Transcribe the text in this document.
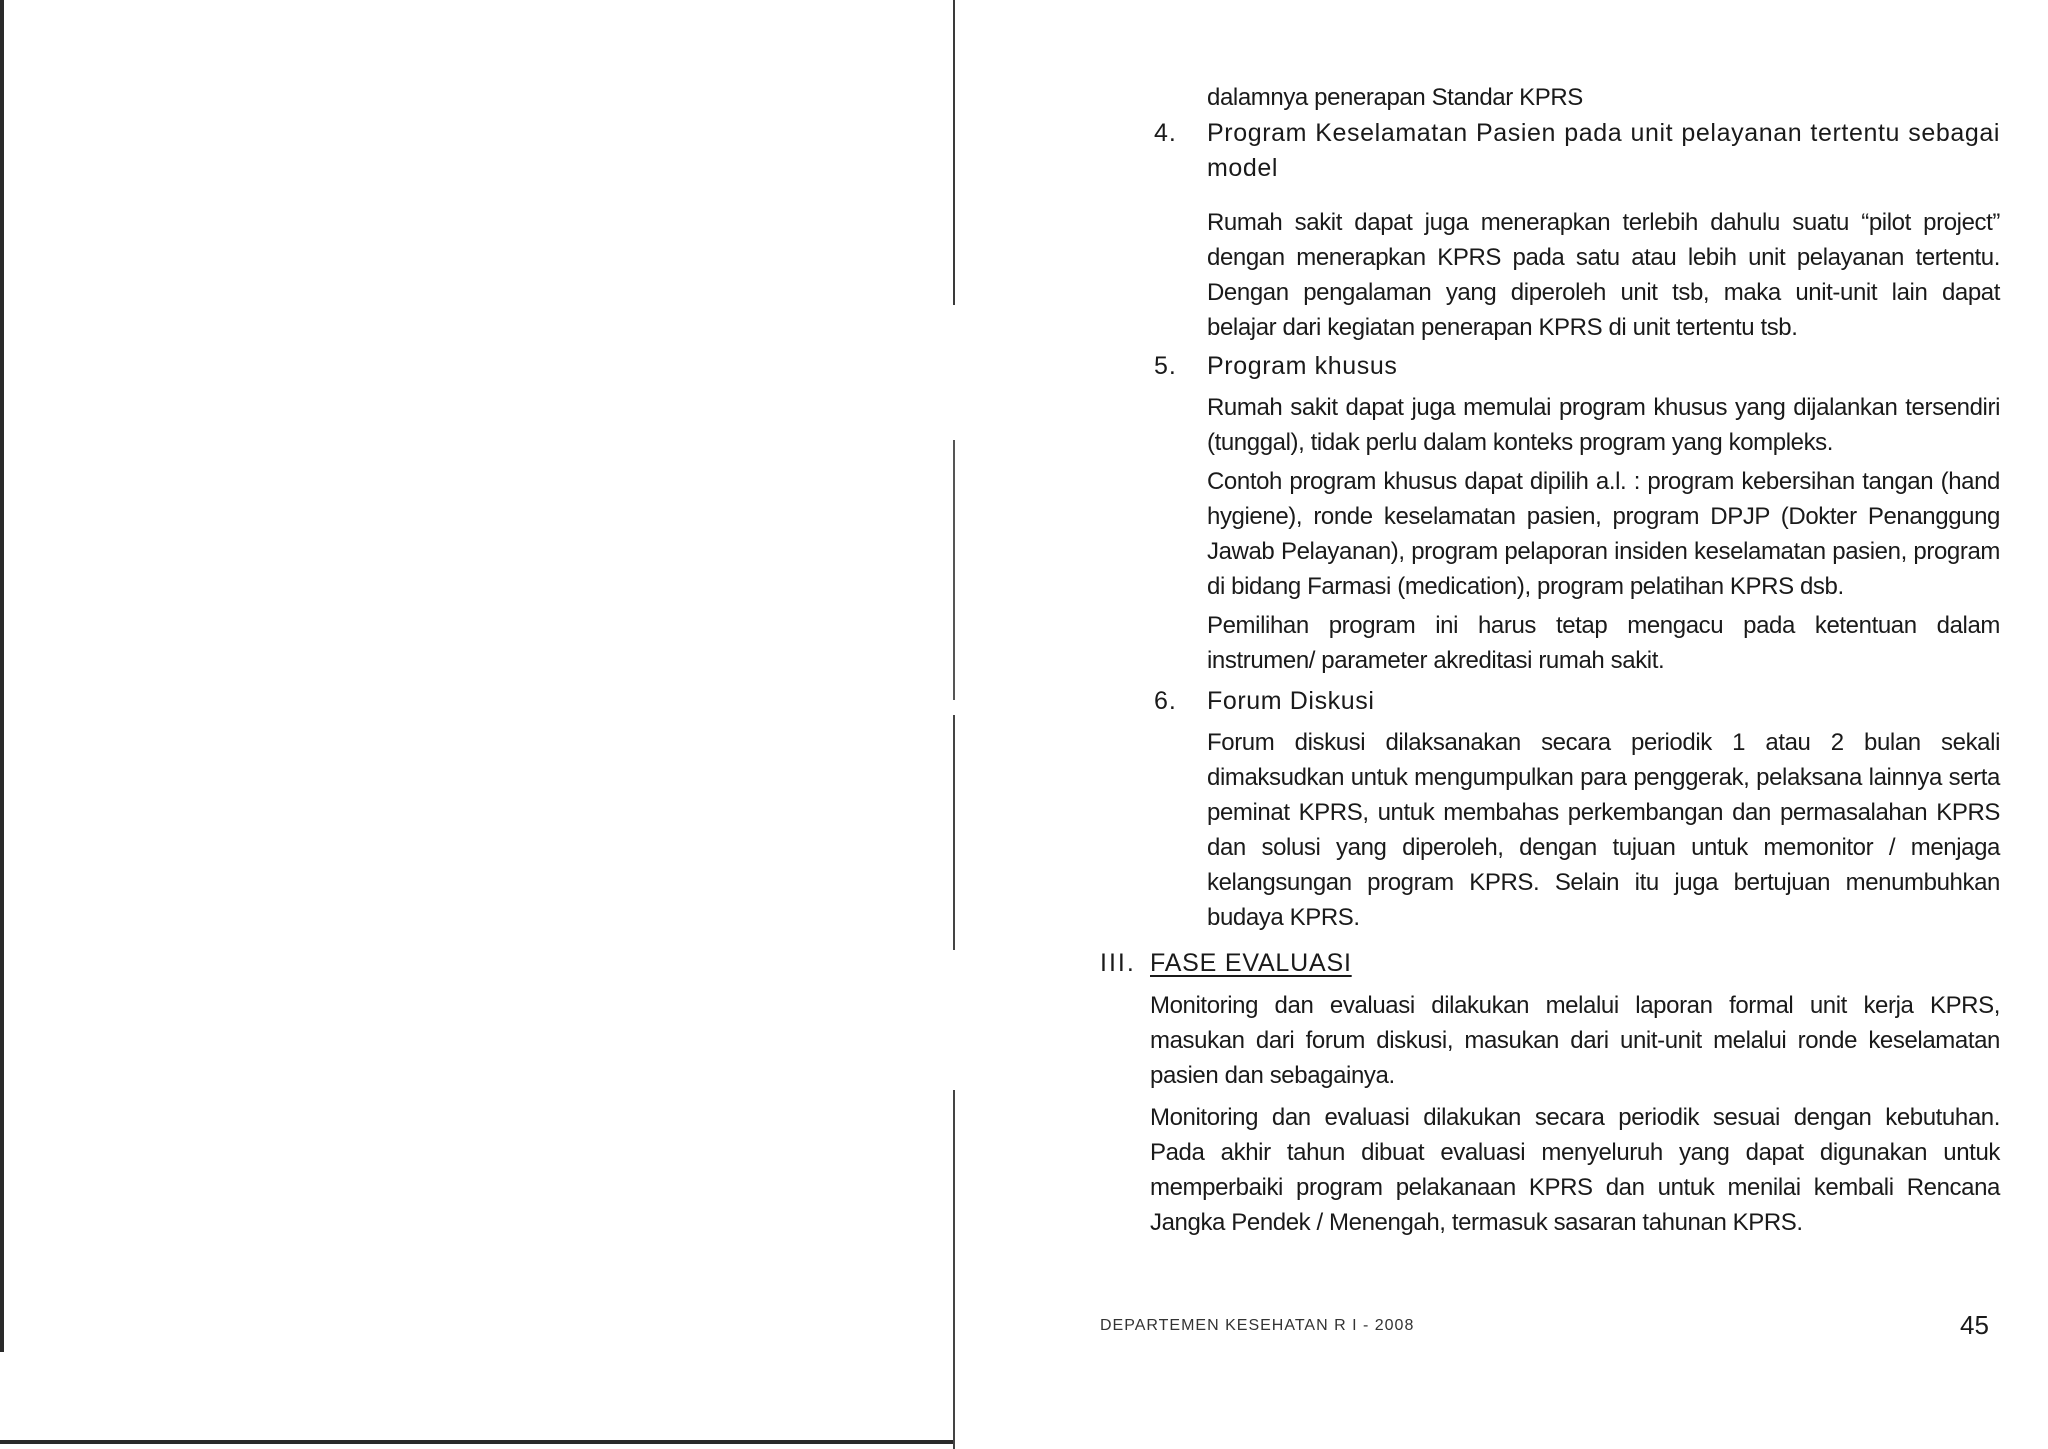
dalamnya penerapan Standar KPRS
4. Program Keselamatan Pasien pada unit pelayanan tertentu sebagai model
Rumah sakit dapat juga menerapkan terlebih dahulu suatu “pilot project” dengan menerapkan KPRS pada satu atau lebih unit pelayanan tertentu. Dengan pengalaman yang diperoleh unit tsb, maka unit-unit lain dapat belajar dari kegiatan penerapan KPRS di unit tertentu tsb.
5. Program khusus
Rumah sakit dapat juga memulai program khusus yang dijalankan tersendiri (tunggal), tidak perlu dalam konteks program yang kompleks.
Contoh program khusus dapat dipilih a.l. : program kebersihan tangan (hand hygiene), ronde keselamatan pasien, program DPJP (Dokter Penanggung Jawab Pelayanan), program pelaporan insiden keselamatan pasien, program di bidang Farmasi (medication), program pelatihan KPRS dsb.
Pemilihan program ini harus tetap mengacu pada ketentuan dalam instrumen/ parameter akreditasi rumah sakit.
6. Forum Diskusi
Forum diskusi dilaksanakan secara periodik 1 atau 2 bulan sekali dimaksudkan untuk mengumpulkan para penggerak, pelaksana lainnya serta peminat KPRS, untuk membahas perkembangan dan permasalahan KPRS dan solusi yang diperoleh, dengan tujuan untuk memonitor / menjaga kelangsungan program KPRS. Selain itu juga bertujuan menumbuhkan budaya KPRS.
III. FASE EVALUASI
Monitoring dan evaluasi dilakukan melalui laporan formal unit kerja KPRS, masukan dari forum diskusi, masukan dari unit-unit melalui ronde keselamatan pasien dan sebagainya.
Monitoring dan evaluasi dilakukan secara periodik sesuai dengan kebutuhan. Pada akhir tahun dibuat evaluasi menyeluruh yang dapat digunakan untuk memperbaiki program pelakanaan KPRS dan untuk menilai kembali Rencana Jangka Pendek / Menengah, termasuk sasaran tahunan KPRS.
DEPARTEMEN KESEHATAN R I - 2008	45
